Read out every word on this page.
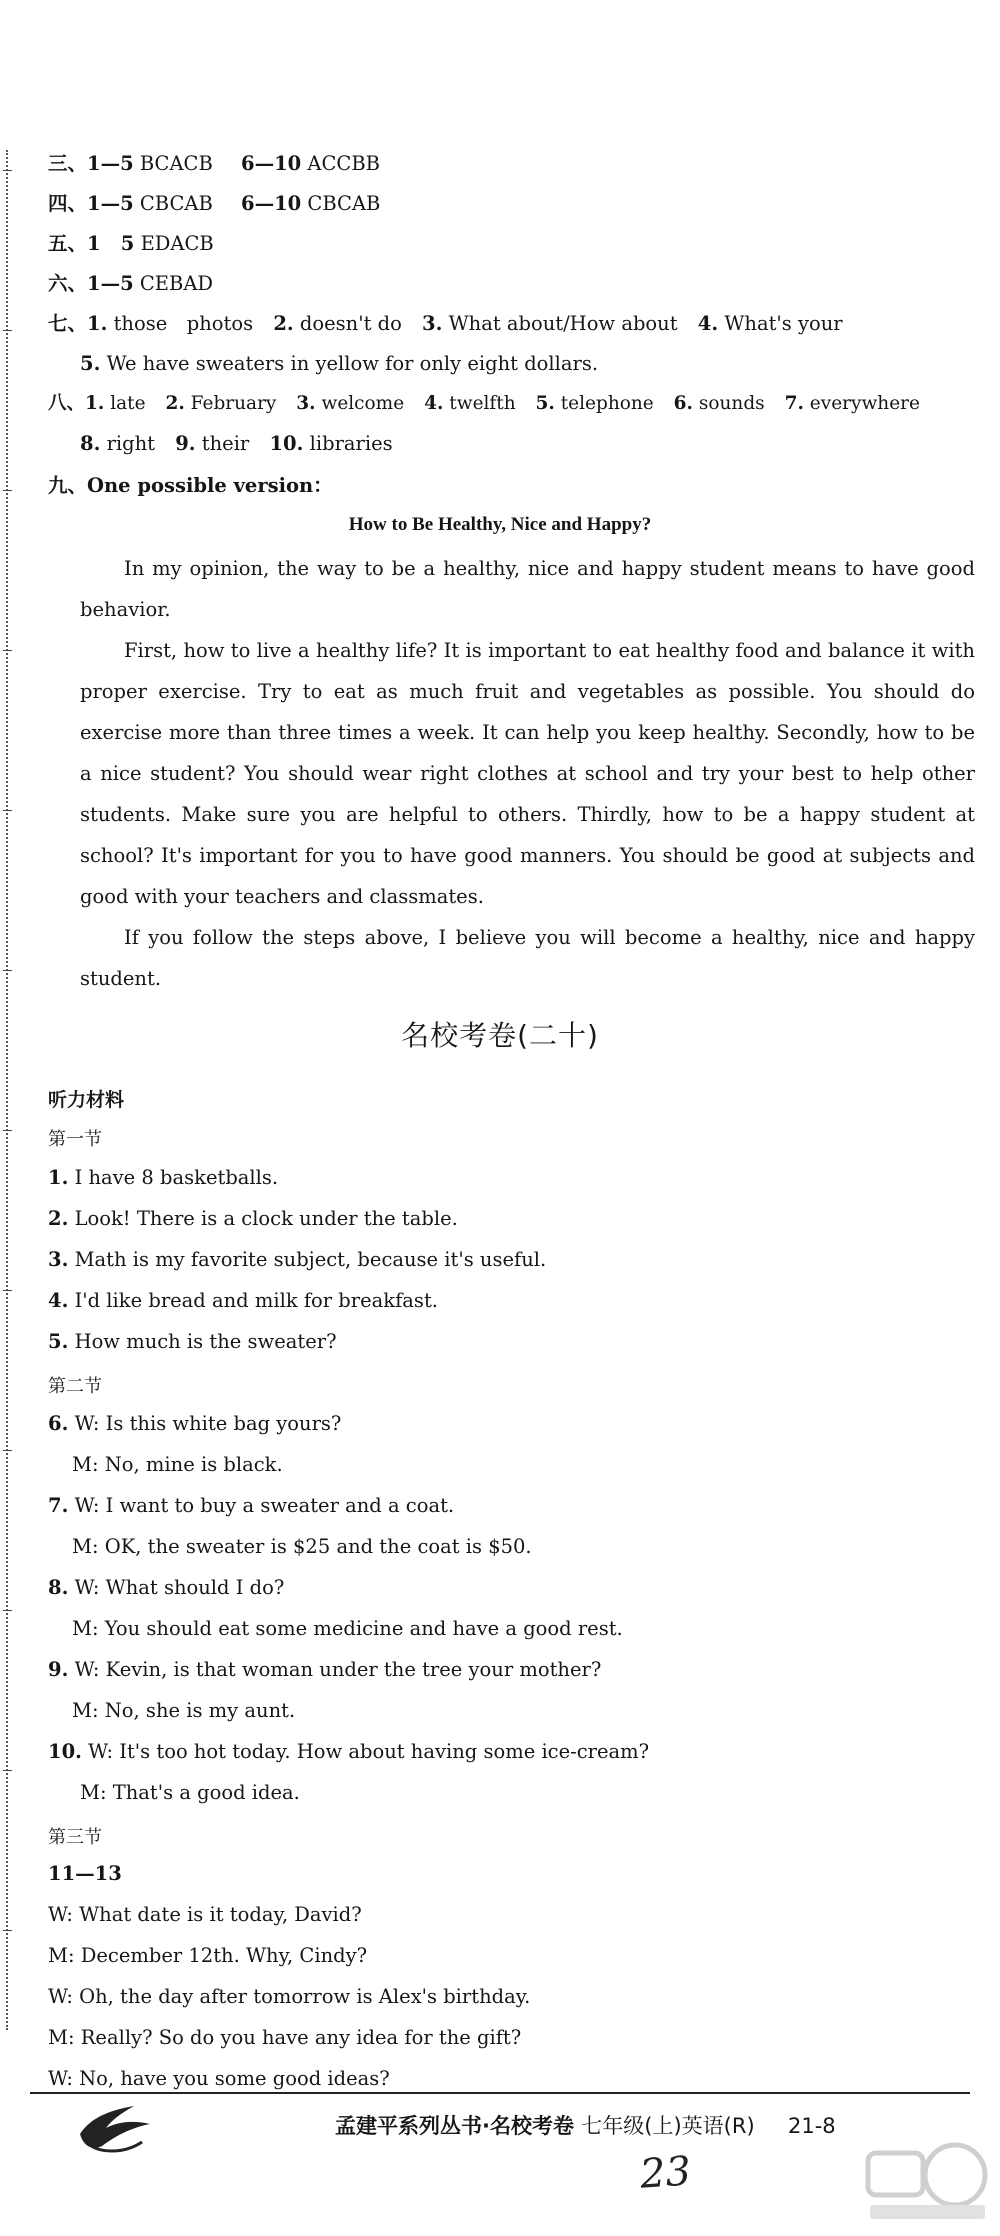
三、1—5 BCACB 6—10 ACCBB
四、1—5 CBCAB 6—10 CBCAB
五、1 5 EDACB
六、1—5 CEBAD
七、1. those　photos 2. doesn't do 3. What about/How about 4. What's your
5. We have sweaters in yellow for only eight dollars.
八、1. late 2. February 3. welcome 4. twelfth 5. telephone 6. sounds 7. everywhere
8. right 9. their 10. libraries
九、One possible version：
How to Be Healthy, Nice and Happy?
In my opinion, the way to be a healthy, nice and happy student means to have good behavior.
First, how to live a healthy life? It is important to eat healthy food and balance it with proper exercise. Try to eat as much fruit and vegetables as possible. You should do exercise more than three times a week. It can help you keep healthy. Secondly, how to be a nice student? You should wear right clothes at school and try your best to help other students. Make sure you are helpful to others. Thirdly, how to be a happy student at school? It's important for you to have good manners. You should be good at subjects and good with your teachers and classmates.
If you follow the steps above, I believe you will become a healthy, nice and happy student.
名校考卷(二十)
听力材料
第一节
1. I have 8 basketballs.
2. Look! There is a clock under the table.
3. Math is my favorite subject, because it's useful.
4. I'd like bread and milk for breakfast.
5. How much is the sweater?
第二节
6. W: Is this white bag yours?
M: No, mine is black.
7. W: I want to buy a sweater and a coat.
M: OK, the sweater is $25 and the coat is $50.
8. W: What should I do?
M: You should eat some medicine and have a good rest.
9. W: Kevin, is that woman under the tree your mother?
M: No, she is my aunt.
10. W: It's too hot today. How about having some ice-cream?
M: That's a good idea.
第三节
11—13
W: What date is it today, David?
M: December 12th. Why, Cindy?
W: Oh, the day after tomorrow is Alex's birthday.
M: Really? So do you have any idea for the gift?
W: No, have you some good ideas?
孟建平系列丛书·名校考卷 七年级(上)英语(R) 21-8
23
